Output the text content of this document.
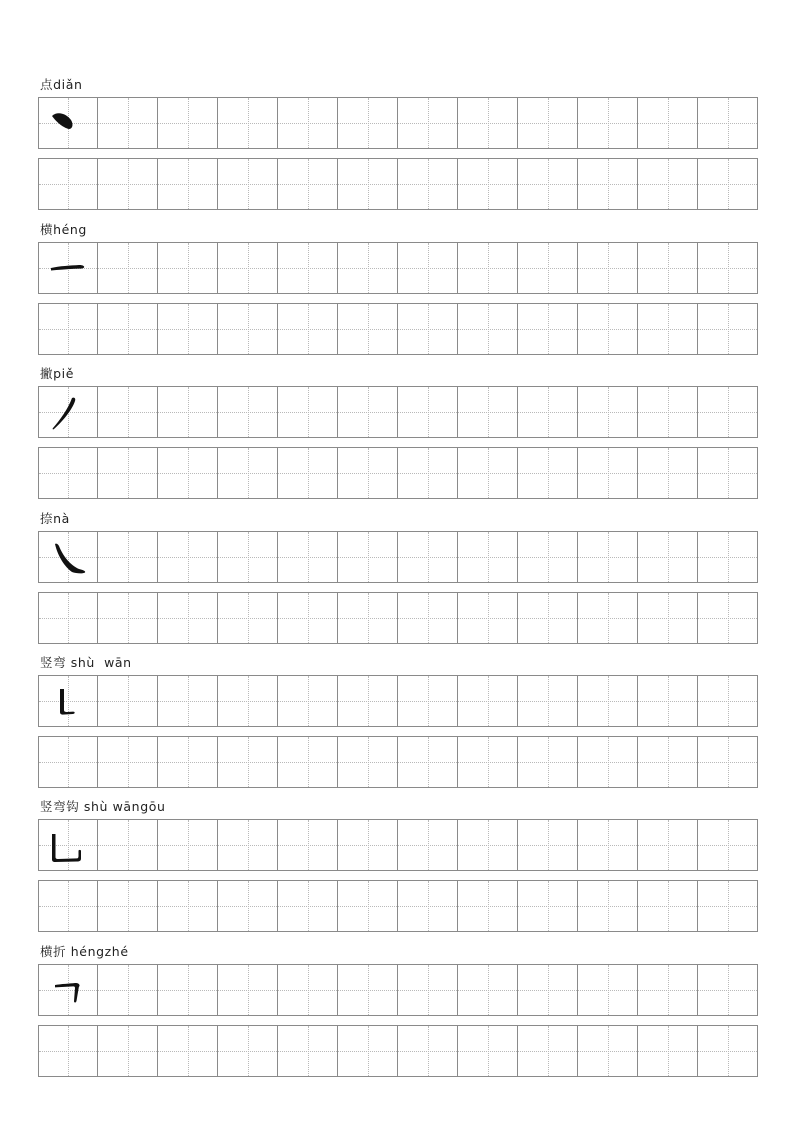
点diǎn
横héng
撇piě
捺nà
竖弯 shù  wān
竖弯钩 shù wāngōu
横折 héngzhé
